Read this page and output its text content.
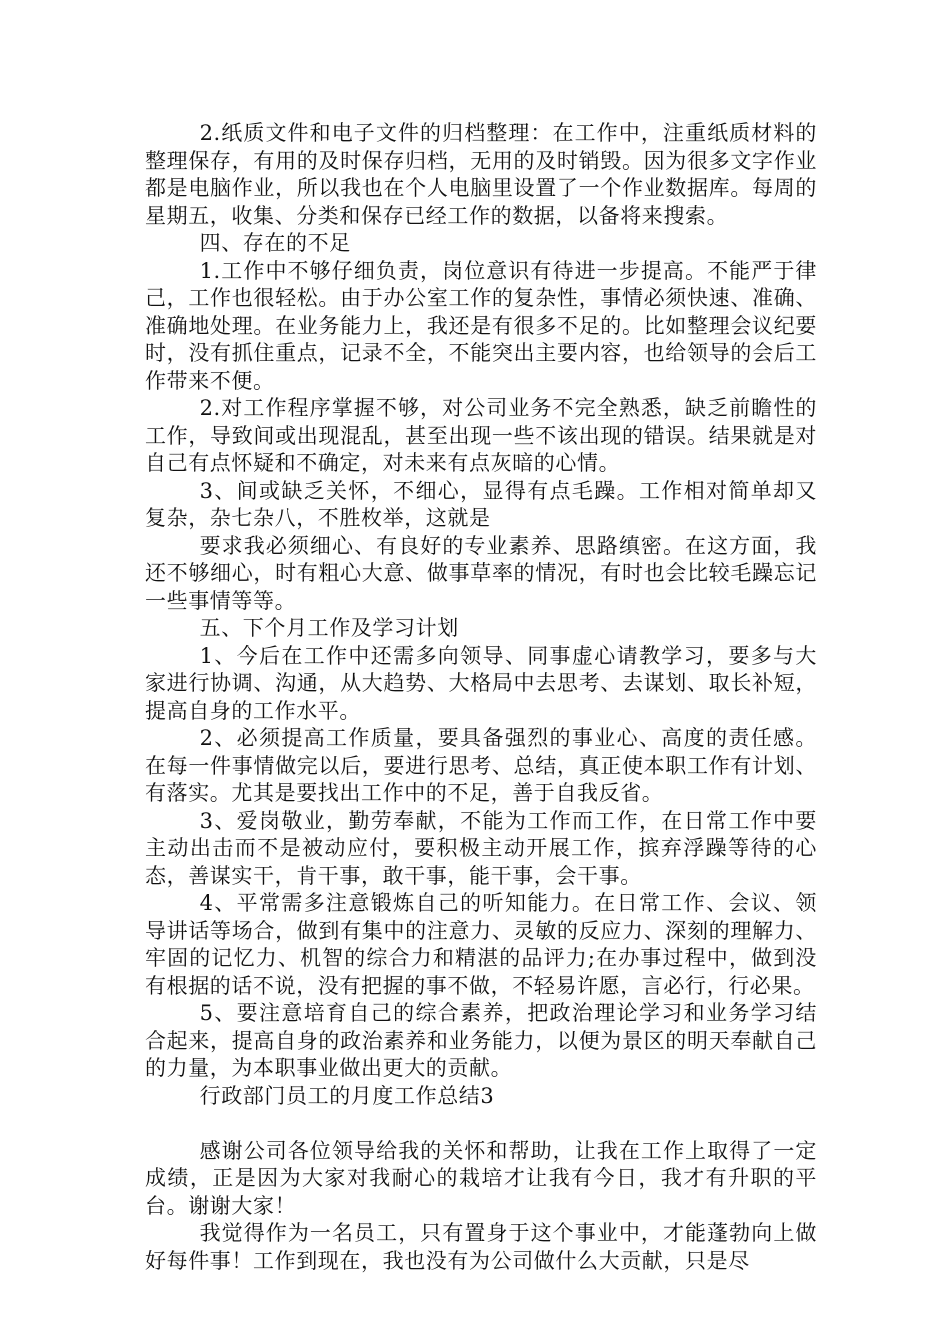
2.纸质文件和电子文件的归档整理：在工作中，注重纸质材料的整理保存，有用的及时保存归档，无用的及时销毁。因为很多文字作业都是电脑作业，所以我也在个人电脑里设置了一个作业数据库。每周的星期五，收集、分类和保存已经工作的数据，以备将来搜索。

四、存在的不足

1.工作中不够仔细负责，岗位意识有待进一步提高。不能严于律己，工作也很轻松。由于办公室工作的复杂性，事情必须快速、准确、准确地处理。在业务能力上，我还是有很多不足的。比如整理会议纪要时，没有抓住重点，记录不全，不能突出主要内容，也给领导的会后工作带来不便。

2.对工作程序掌握不够，对公司业务不完全熟悉，缺乏前瞻性的工作，导致间或出现混乱，甚至出现一些不该出现的错误。结果就是对自己有点怀疑和不确定，对未来有点灰暗的心情。

3、间或缺乏关怀，不细心，显得有点毛躁。工作相对简单却又复杂，杂七杂八，不胜枚举，这就是

要求我必须细心、有良好的专业素养、思路缜密。在这方面，我还不够细心，时有粗心大意、做事草率的情况，有时也会比较毛躁忘记一些事情等等。

五、下个月工作及学习计划

1、今后在工作中还需多向领导、同事虚心请教学习，要多与大家进行协调、沟通，从大趋势、大格局中去思考、去谋划、取长补短，提高自身的工作水平。

2、必须提高工作质量，要具备强烈的事业心、高度的责任感。在每一件事情做完以后，要进行思考、总结，真正使本职工作有计划、有落实。尤其是要找出工作中的不足，善于自我反省。

3、爱岗敬业，勤劳奉献，不能为工作而工作，在日常工作中要主动出击而不是被动应付，要积极主动开展工作，摈弃浮躁等待的心态，善谋实干，肯干事，敢干事，能干事，会干事。

4、平常需多注意锻炼自己的听知能力。在日常工作、会议、领导讲话等场合，做到有集中的注意力、灵敏的反应力、深刻的理解力、牢固的记忆力、机智的综合力和精湛的品评力;在办事过程中，做到没有根据的话不说，没有把握的事不做，不轻易许愿，言必行，行必果。

5、要注意培育自己的综合素养，把政治理论学习和业务学习结合起来，提高自身的政治素养和业务能力，以便为景区的明天奉献自己的力量，为本职事业做出更大的贡献。

行政部门员工的月度工作总结3

感谢公司各位领导给我的关怀和帮助，让我在工作上取得了一定成绩，正是因为大家对我耐心的栽培才让我有今日，我才有升职的平台。谢谢大家！

我觉得作为一名员工，只有置身于这个事业中，才能蓬勃向上做好每件事！工作到现在，我也没有为公司做什么大贡献，只是尽
